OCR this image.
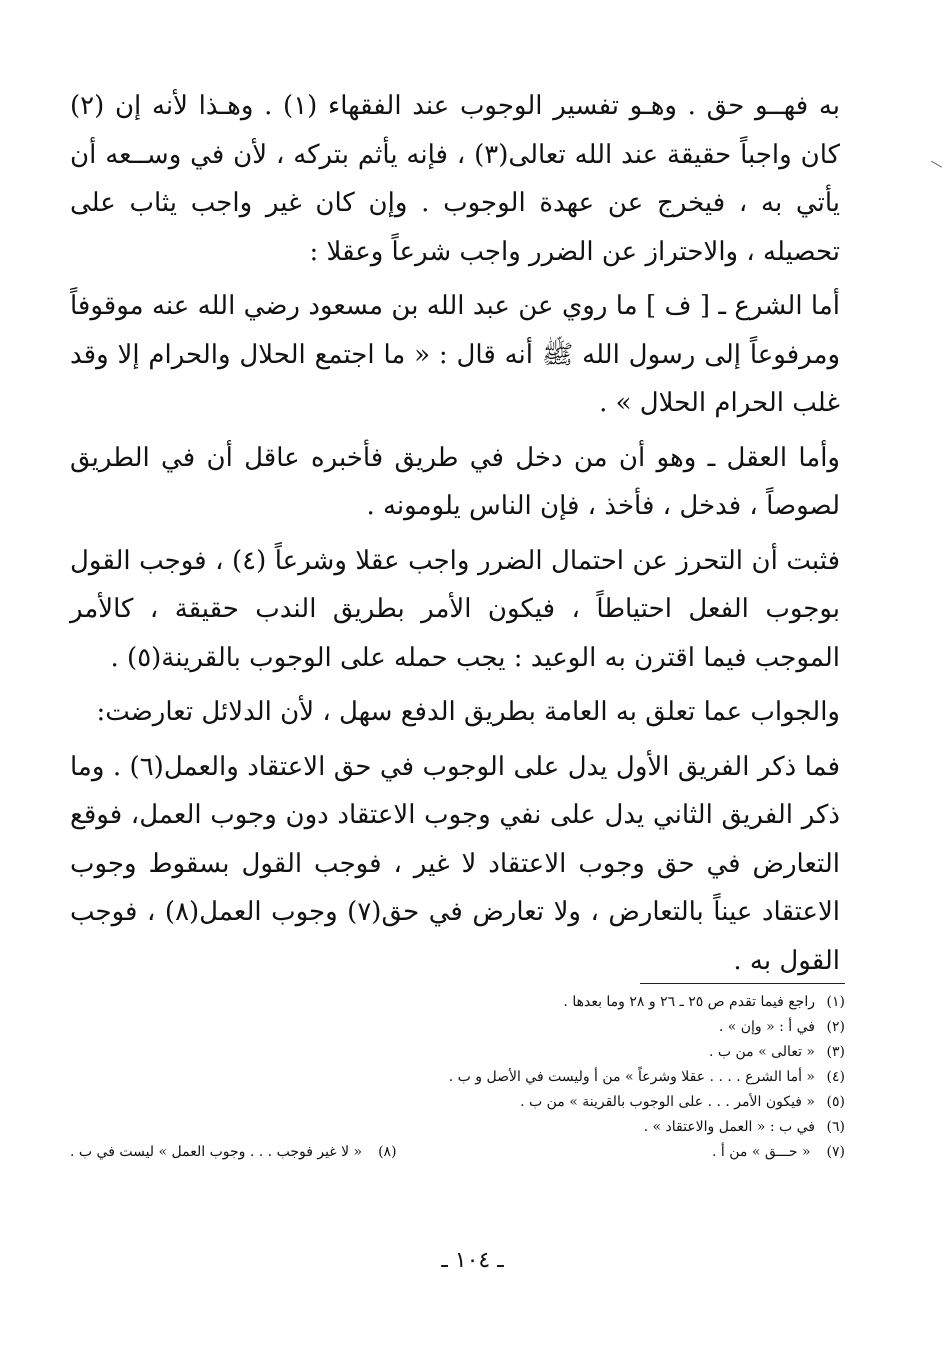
به فهــو حق . وهـو تفسير الوجوب عند الفقهاء (١) . وهـذا لأنه إن (٢) كان واجباً حقيقة عند الله تعالى(٣) ، فإنه يأثم بتركه ، لأن في وســعه أن يأتي به ، فيخرج عن عهدة الوجوب . وإن كان غير واجب يثاب على تحصيله ، والاحتراز عن الضرر واجب شرعاً وعقلا :

أما الشرع ـ [ ف ] ما روي عن عبد الله بن مسعود رضي الله عنه موقوفاً ومرفوعاً إلى رسول الله ﷺ أنه قال : « ما اجتمع الحلال والحرام إلا وقد غلب الحرام الحلال » .

وأما العقل ـ وهو أن من دخل في طريق فأخبره عاقل أن في الطريق لصوصاً ، فدخل ، فأخذ ، فإن الناس يلومونه .

فثبت أن التحرز عن احتمال الضرر واجب عقلا وشرعاً (٤) ، فوجب القول بوجوب الفعل احتياطاً ، فيكون الأمر بطريق الندب حقيقة ، كالأمر الموجب فيما اقترن به الوعيد : يجب حمله على الوجوب بالقرينة(٥) .

والجواب عما تعلق به العامة بطريق الدفع سهل ، لأن الدلائل تعارضت:

فما ذكر الفريق الأول يدل على الوجوب في حق الاعتقاد والعمل(٦) . وما ذكر الفريق الثاني يدل على نفي وجوب الاعتقاد دون وجوب العمل، فوقع التعارض في حق وجوب الاعتقاد لا غير ، فوجب القول بسقوط وجوب الاعتقاد عيناً بالتعارض ، ولا تعارض في حق(٧) وجوب العمل(٨) ، فوجب القول به .

(١)
راجع فيما تقدم ص ٢٥ ـ ٢٦ و ٢٨ وما بعدها .
(٢)
في أ : « وإن » .
(٣)
« تعالى » من ب .
(٤)
« أما الشرع . . . . عقلا وشرعاً » من أ وليست في الأصل و ب .
(٥)
« فيكون الأمر . . . على الوجوب بالقرينة » من ب .
(٦)
في ب : « العمل والاعتقاد » .
(٧) « حـــق » من أ .
(٨) « لا غير فوجب . . . وجوب العمل » ليست في ب .
ـ ١٠٤ ـ
